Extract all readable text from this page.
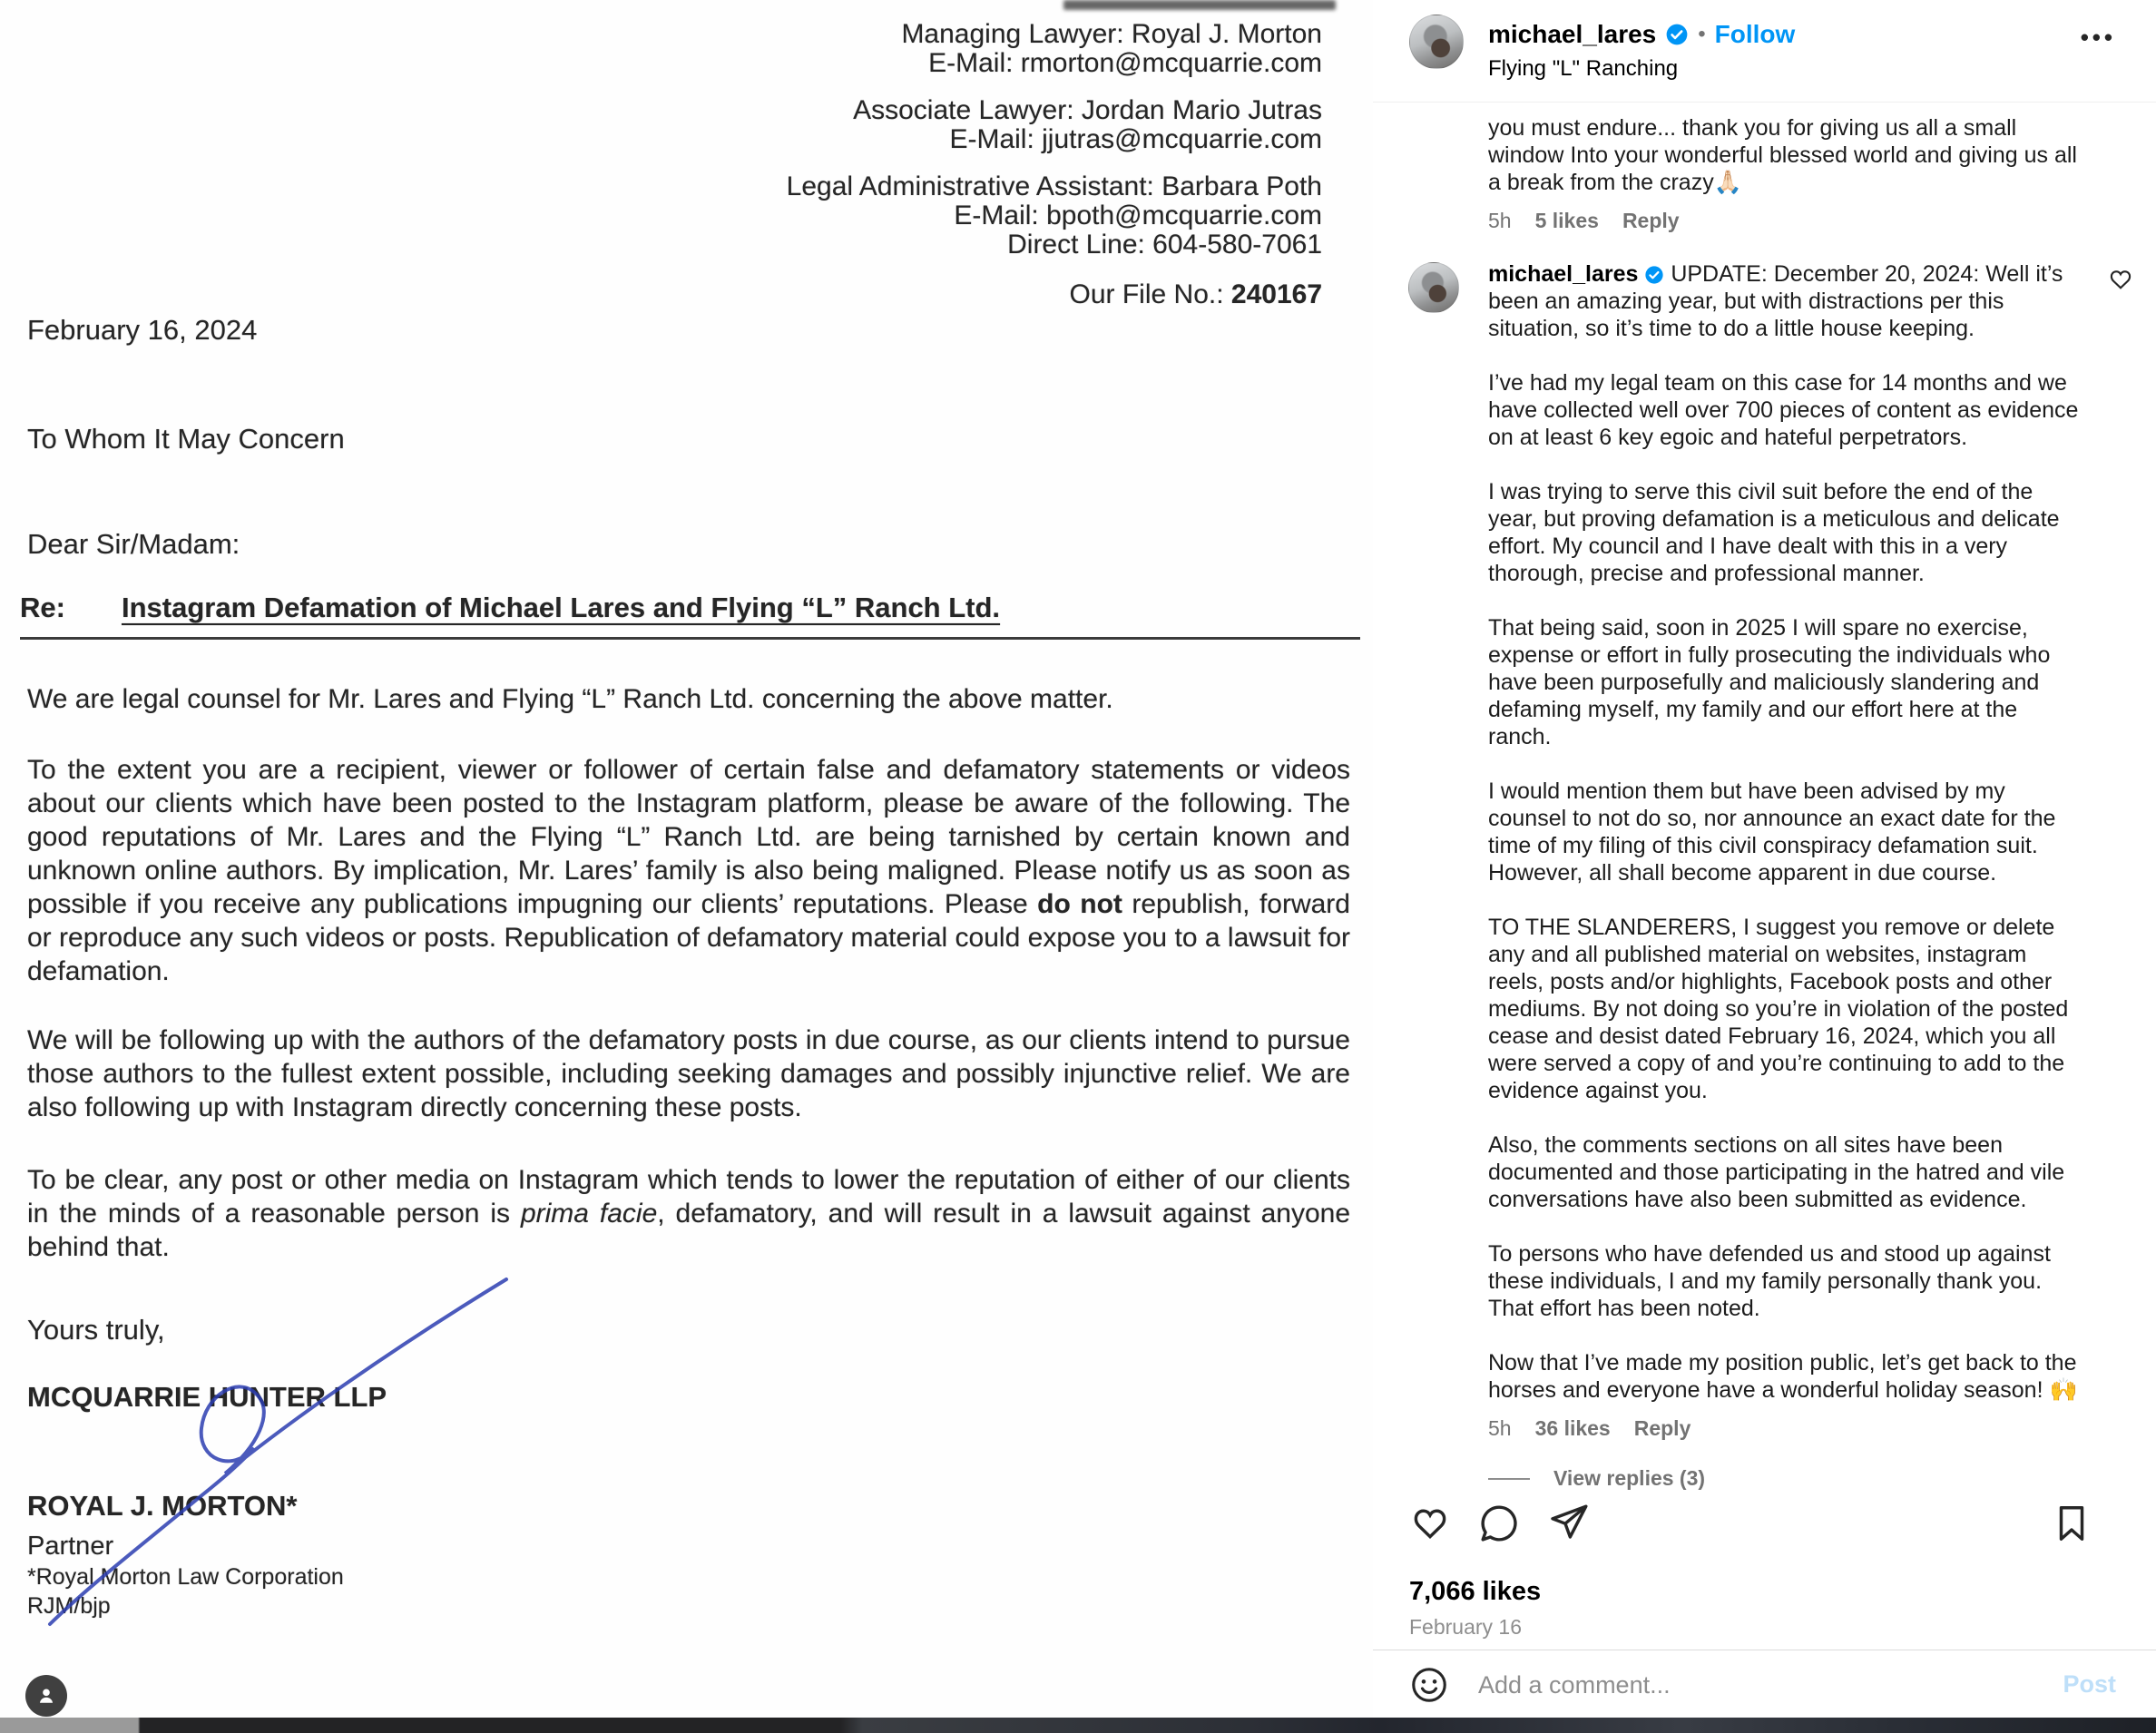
Managing Lawyer: Royal J. Morton
E-Mail: rmorton@mcquarrie.com
Associate Lawyer: Jordan Mario Jutras
E-Mail: jjutras@mcquarrie.com
Legal Administrative Assistant: Barbara Poth
E-Mail: bpoth@mcquarrie.com
Direct Line: 604-580-7061
Our File No.: 240167
February 16, 2024
To Whom It May Concern
Dear Sir/Madam:
Re:	Instagram Defamation of Michael Lares and Flying “L” Ranch Ltd.
We are legal counsel for Mr. Lares and Flying “L” Ranch Ltd. concerning the above matter.
To the extent you are a recipient, viewer or follower of certain false and defamatory statements or videos about our clients which have been posted to the Instagram platform, please be aware of the following. The good reputations of Mr. Lares and the Flying “L” Ranch Ltd. are being tarnished by certain known and unknown online authors. By implication, Mr. Lares’ family is also being maligned. Please notify us as soon as possible if you receive any publications impugning our clients’ reputations. Please do not republish, forward or reproduce any such videos or posts. Republication of defamatory material could expose you to a lawsuit for defamation.
We will be following up with the authors of the defamatory posts in due course, as our clients intend to pursue those authors to the fullest extent possible, including seeking damages and possibly injunctive relief. We are also following up with Instagram directly concerning these posts.
To be clear, any post or other media on Instagram which tends to lower the reputation of either of our clients in the minds of a reasonable person is prima facie, defamatory, and will result in a lawsuit against anyone behind that.
Yours truly,
MCQUARRIE HUNTER LLP
ROYAL J. MORTON*
Partner
*Royal Morton Law Corporation
RJM/bjp
michael_lares • Follow
Flying "L" Ranching
•••
you must endure... thank you for giving us all a small window Into your wonderful blessed world and giving us all a break from the crazy🙏🏻
5h 5 likes Reply

michael_lares UPDATE: December 20, 2024: Well it’s been an amazing year, but with distractions per this situation, so it’s time to do a little house keeping.

I’ve had my legal team on this case for 14 months and we have collected well over 700 pieces of content as evidence on at least 6 key egoic and hateful perpetrators.

I was trying to serve this civil suit before the end of the year, but proving defamation is a meticulous and delicate effort. My council and I have dealt with this in a very thorough, precise and professional manner.

That being said, soon in 2025 I will spare no exercise, expense or effort in fully prosecuting the individuals who have been purposefully and maliciously slandering and defaming myself, my family and our effort here at the ranch.

I would mention them but have been advised by my counsel to not do so, nor announce an exact date for the time of my filing of this civil conspiracy defamation suit. However, all shall become apparent in due course.

TO THE SLANDERERS, I suggest you remove or delete any and all published material on websites, instagram reels, posts and/or highlights, Facebook posts and other mediums. By not doing so you’re in violation of the posted cease and desist dated February 16, 2024, which you all were served a copy of and you’re continuing to add to the evidence against you.

Also, the comments sections on all sites have been documented and those participating in the hatred and vile conversations have also been submitted as evidence.

To persons who have defended us and stood up against these individuals, I and my family personally thank you. That effort has been noted.

Now that I’ve made my position public, let’s get back to the horses and everyone have a wonderful holiday season! 🙌

5h 36 likes Reply
View replies (3)

7,066 likes
February 16
Add a comment...
Post
